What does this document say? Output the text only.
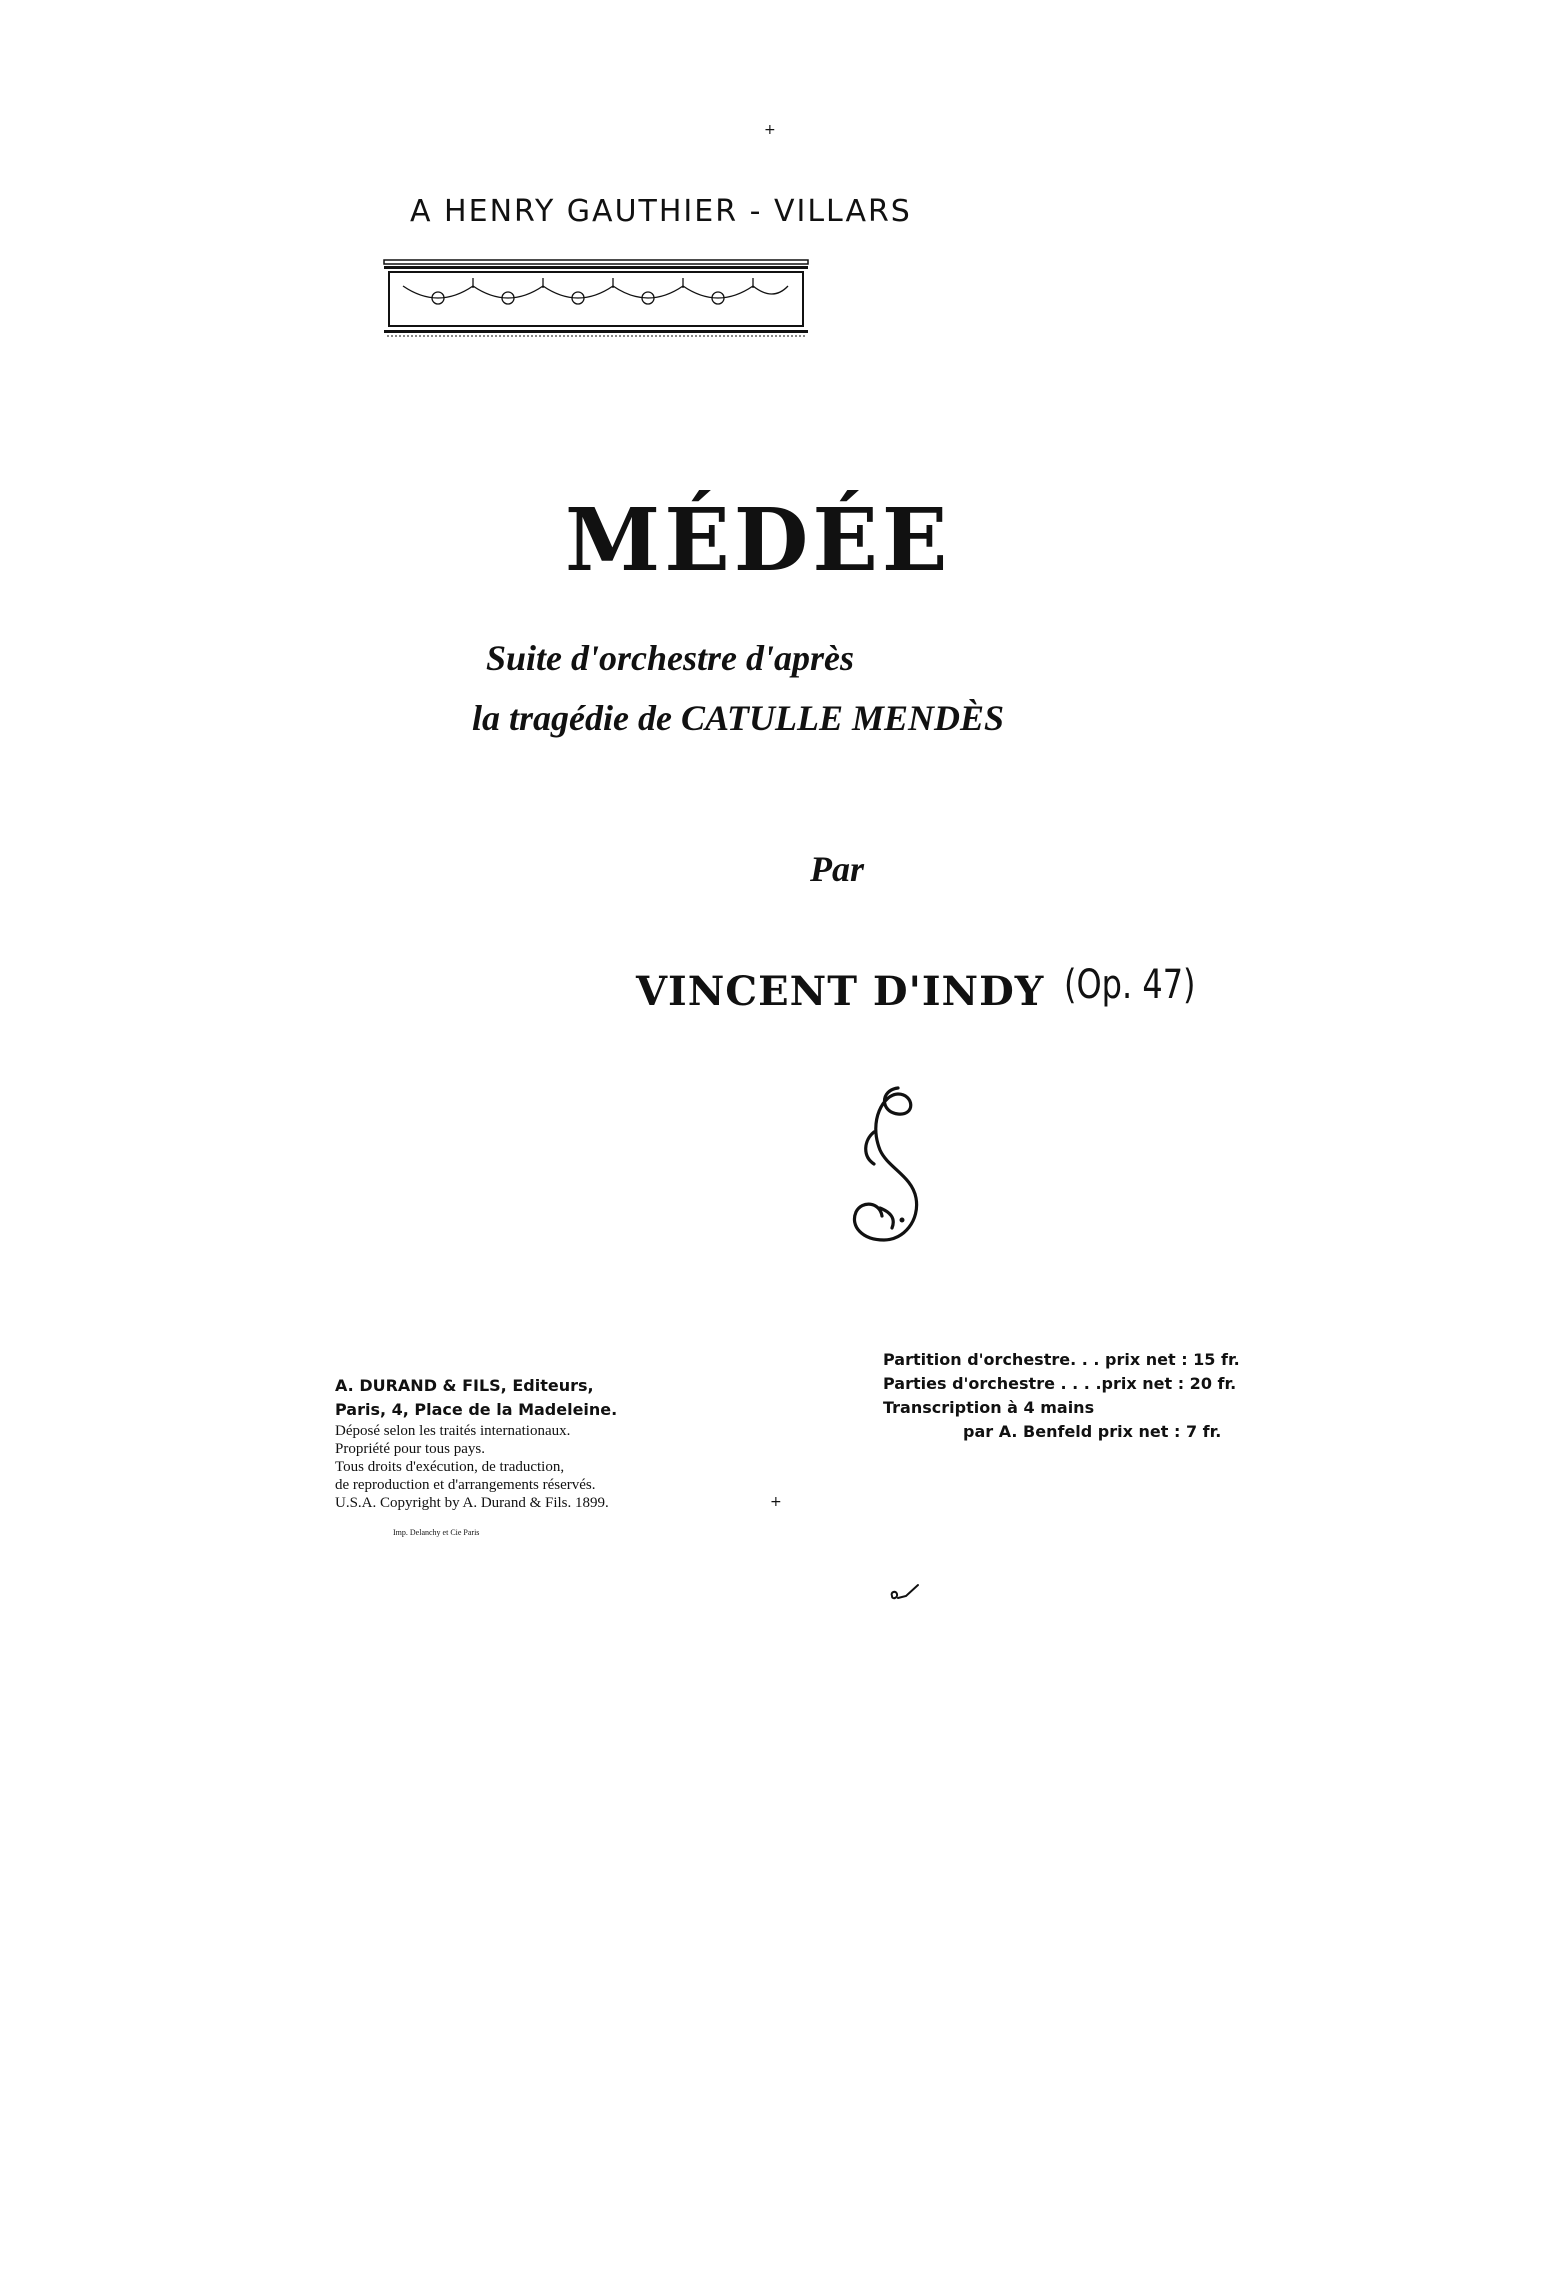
+
A HENRY GAUTHIER - VILLARS
MÉDÉE
Suite d'orchestre d'après
la tragédie de CATULLE MENDÈS
Par
VINCENT D'INDY (Op. 47)
A. DURAND & FILS, Editeurs,
Paris, 4, Place de la Madeleine.
Déposé selon les traités internationaux.
Propriété pour tous pays.
Tous droits d'exécution, de traduction,
de reproduction et d'arrangements réservés.
U.S.A. Copyright by A. Durand & Fils. 1899.
Imp. Delanchy et Cie Paris
Partition d'orchestre. . . prix net : 15 fr.
Parties d'orchestre . . . .prix net : 20 fr.
Transcription à 4 mains
par A. Benfeld prix net : 7 fr.
+
